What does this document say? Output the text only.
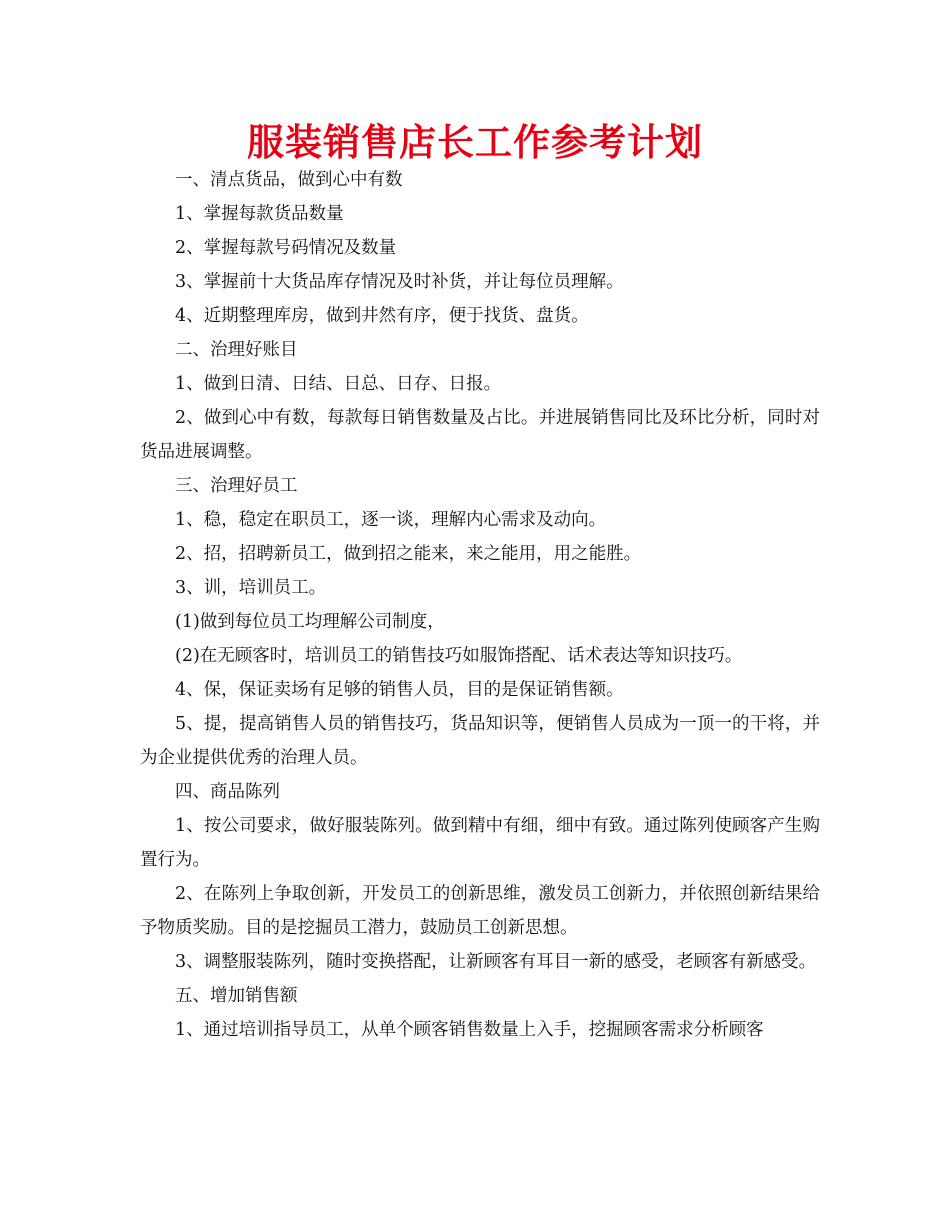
服装销售店长工作参考计划

一、清点货品，做到心中有数

1、掌握每款货品数量

2、掌握每款号码情况及数量

3、掌握前十大货品库存情况及时补货，并让每位员理解。

4、近期整理库房，做到井然有序，便于找货、盘货。

二、治理好账目

1、做到日清、日结、日总、日存、日报。

2、做到心中有数，每款每日销售数量及占比。并进展销售同比及环比分析，同时对货品进展调整。

三、治理好员工

1、稳，稳定在职员工，逐一谈，理解内心需求及动向。

2、招，招聘新员工，做到招之能来，来之能用，用之能胜。

3、训，培训员工。

(1)做到每位员工均理解公司制度，

(2)在无顾客时，培训员工的销售技巧如服饰搭配、话术表达等知识技巧。

4、保，保证卖场有足够的销售人员，目的是保证销售额。

5、提，提高销售人员的销售技巧，货品知识等，便销售人员成为一顶一的干将，并为企业提供优秀的治理人员。

四、商品陈列

1、按公司要求，做好服装陈列。做到精中有细，细中有致。通过陈列使顾客产生购置行为。

2、在陈列上争取创新，开发员工的创新思维，激发员工创新力，并依照创新结果给予物质奖励。目的是挖掘员工潜力，鼓励员工创新思想。

3、调整服装陈列，随时变换搭配，让新顾客有耳目一新的感受，老顾客有新感受。

五、增加销售额

1、通过培训指导员工，从单个顾客销售数量上入手，挖掘顾客需求分析顾客
